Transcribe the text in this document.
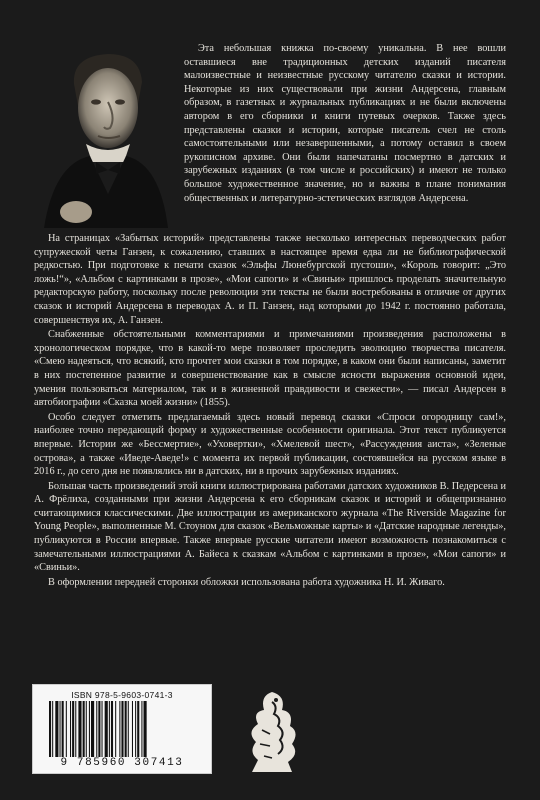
Эта небольшая книжка по-своему уникальна. В нее вошли оставшиеся вне традиционных детских изданий писателя малоизвестные и неизвестные русскому читателю сказки и истории. Некоторые из них существовали при жизни Андерсена, главным образом, в газетных и журнальных публикациях и не были включены автором в его сборники и книги путевых очерков. Также здесь представлены сказки и истории, которые писатель счел не столь самостоятельными или незавершенными, а потому оставил в своем рукописном архиве. Они были напечатаны посмертно в датских и зарубежных изданиях (в том числе и российских) и имеют не только большое художественное значение, но и важны в плане понимания общественных и литературно-эстетических взглядов Андерсена.

На страницах «Забытых историй» представлены также несколько интересных переводческих работ супружеской четы Ганзен, к сожалению, ставших в настоящее время едва ли не библиографической редкостью. При подготовке к печати сказок «Эльфы Люнебургской пустоши», «Король говорит: „Это ложь!“», «Альбом с картинками в прозе», «Мои сапоги» и «Свиньи» пришлось проделать значительную редакторскую работу, поскольку после революции эти тексты не были востребованы в отличие от других сказок и историй Андерсена в переводах А. и П. Ганзен, над которыми до 1942 г. постоянно работала, совершенствуя их, А. Ганзен.

Снабженные обстоятельными комментариями и примечаниями произведения расположены в хронологическом порядке, что в какой-то мере позволяет проследить эволюцию творчества писателя. «Смею надеяться, что всякий, кто прочтет мои сказки в том порядке, в каком они были написаны, заметит в них постепенное развитие и совершенствование как в смысле ясности выражения основной идеи, умения пользоваться материалом, так и в жизненной правдивости и свежести», — писал Андерсен в автобиографии «Сказка моей жизни» (1855).

Особо следует отметить предлагаемый здесь новый перевод сказки «Спроси огородницу сам!», наиболее точно передающий форму и художественные особенности оригинала. Этот текст публикуется впервые. Истории же «Бессмертие», «Уховертки», «Хмелевой шест», «Рассуждения аиста», «Зеленые острова», а также «Иведе-Аведе!» с момента их первой публикации, состоявшейся на русском языке в 2016 г., до сего дня не появлялись ни в датских, ни в прочих зарубежных изданиях.

Большая часть произведений этой книги иллюстрирована работами датских художников В. Педерсена и А. Фрёлиха, созданными при жизни Андерсена к его сборникам сказок и историй и общепризнанно считающимися классическими. Две иллюстрации из американского журнала «The Riverside Magazine for Young People», выполненные М. Стоуном для сказок «Вельможные карты» и «Датские народные легенды», публикуются в России впервые. Также впервые русские читатели имеют возможность познакомиться с замечательными иллюстрациями А. Байеса к сказкам «Альбом с картинками в прозе», «Мои сапоги» и «Свиньи».

В оформлении передней сторонки обложки использована работа художника Н. И. Живаго.

ISBN 978-5-9603-0741-3
9 785960 307413
